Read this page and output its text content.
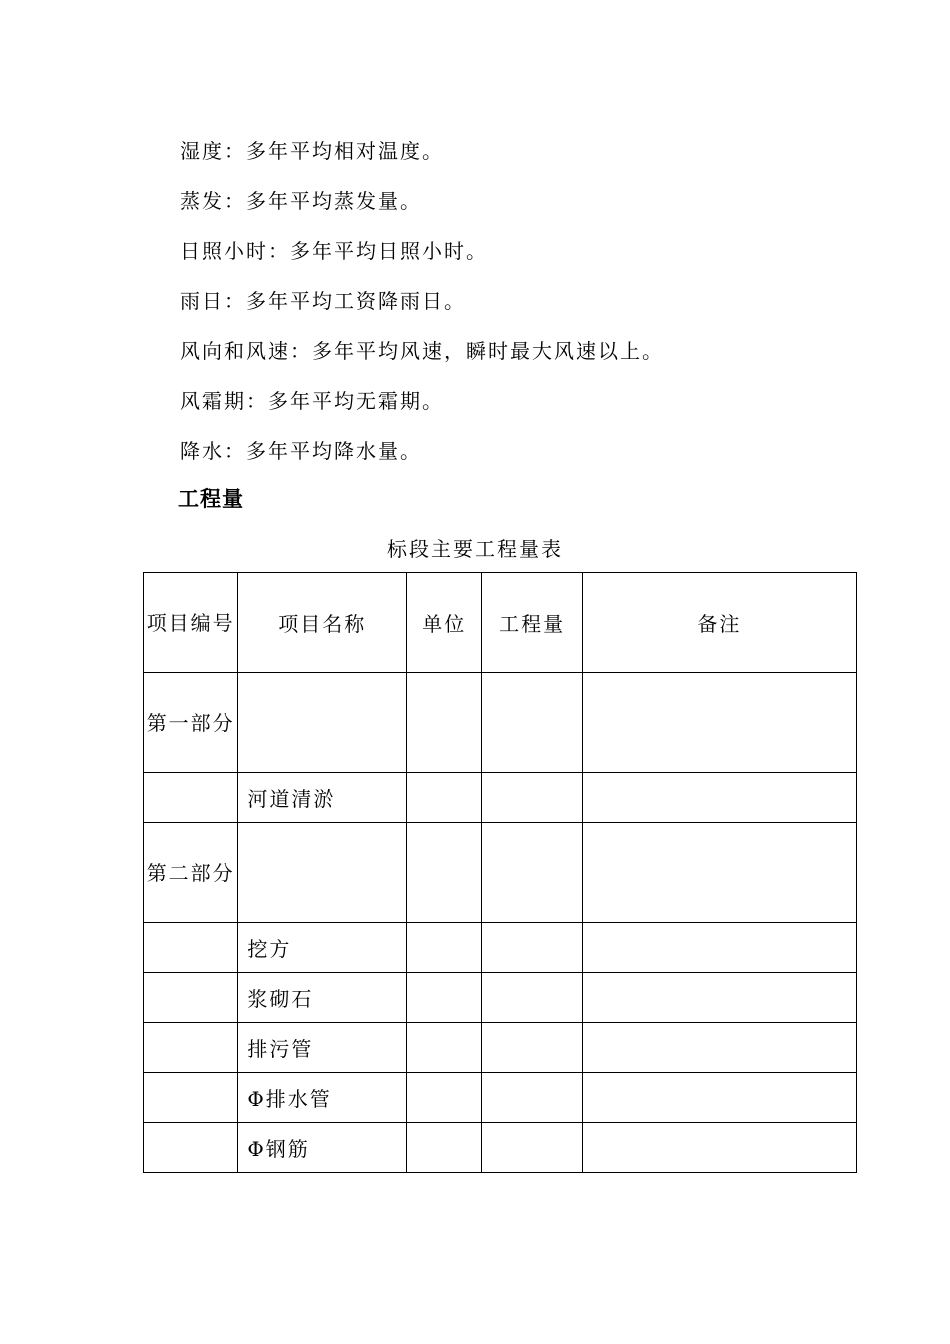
湿度：多年平均相对温度。
蒸发：多年平均蒸发量。
日照小时：多年平均日照小时。
雨日：多年平均工资降雨日。
风向和风速：多年平均风速，瞬时最大风速以上。
风霜期：多年平均无霜期。
降水：多年平均降水量。
工程量
标段主要工程量表
项目编号	项目名称	单位	工程量	备注
第一部分				
	河道清淤			
第二部分				
	挖方			
	浆砌石			
	排污管			
	Φ排水管			
	Φ钢筋			
